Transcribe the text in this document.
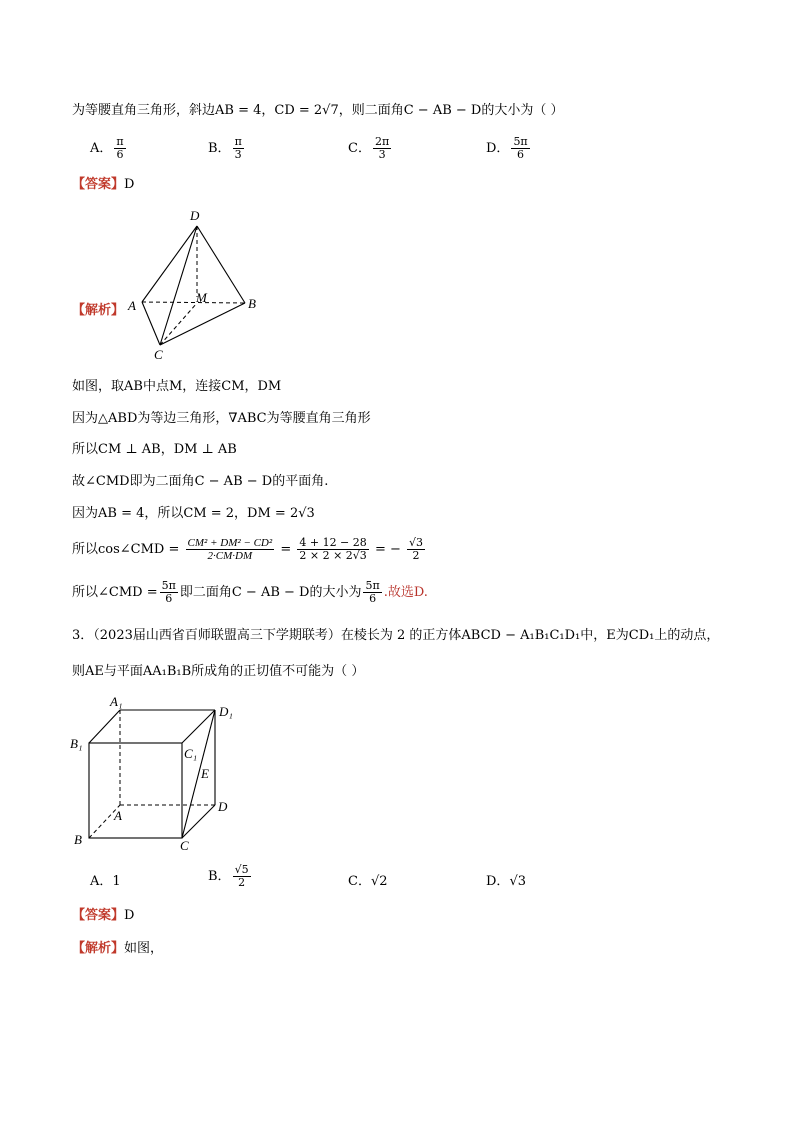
为等腰直角三角形，斜边AB = 4，CD = 2√7，则二面角C − AB − D的大小为（ ）
A． $\frac{\pi}{6}$	B． $\frac{\pi}{3}$	C． $\frac{2\pi}{3}$	D． $\frac{5\pi}{6}$
【答案】D
D
A
M	B
C
【解析】
如图，取AB中点M，连接CM，DM
因为△ABD为等边三角形，∇ABC为等腰直角三角形
所以CM ⊥ AB，DM ⊥ AB
故∠CMD即为二面角C − AB − D的平面角.
因为AB = 4，所以CM = 2，DM = 2√3
所以cos∠CMD = $\frac{\text{CM² + DM² − CD²}}{2\cdot CM\cdot DM} = \frac{4 + 12 - 28}{2 \times 2 \times 2√3}$ = − $\frac{√3}{2}$
所以∠CMD = $\frac{5\pi}{6}$ 即二面角C − AB − D的大小为 $\frac{5\pi}{6}$ .故选D.
3．（2023届山西省百师联盟高三下学期联考）在棱长为 2 的正方体ABCD − A₁B₁C₁D₁中，E为CD₁上的动点，
则AE与平面AA₁B₁B所成角的正切值不可能为（ ）
A₁
D₁
B₁
C₁
E
A
D
B	C
A．1	B． $\frac{√5}{2}$	C．√2	D．√3
【答案】D
【解析】如图，
